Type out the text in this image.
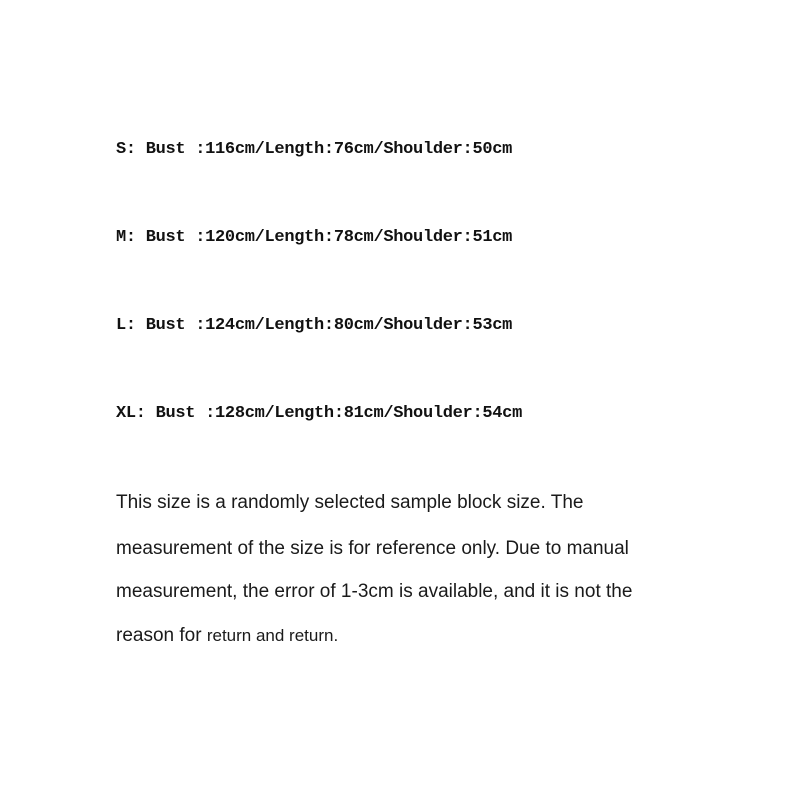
S: Bust :116cm/Length:76cm/Shoulder:50cm
M: Bust :120cm/Length:78cm/Shoulder:51cm
L: Bust :124cm/Length:80cm/Shoulder:53cm
XL: Bust :128cm/Length:81cm/Shoulder:54cm
This size is a randomly selected sample block size. The
measurement of the size is for reference only. Due to manual
measurement, the error of 1-3cm is available, and it is not the
reason for return and return.
